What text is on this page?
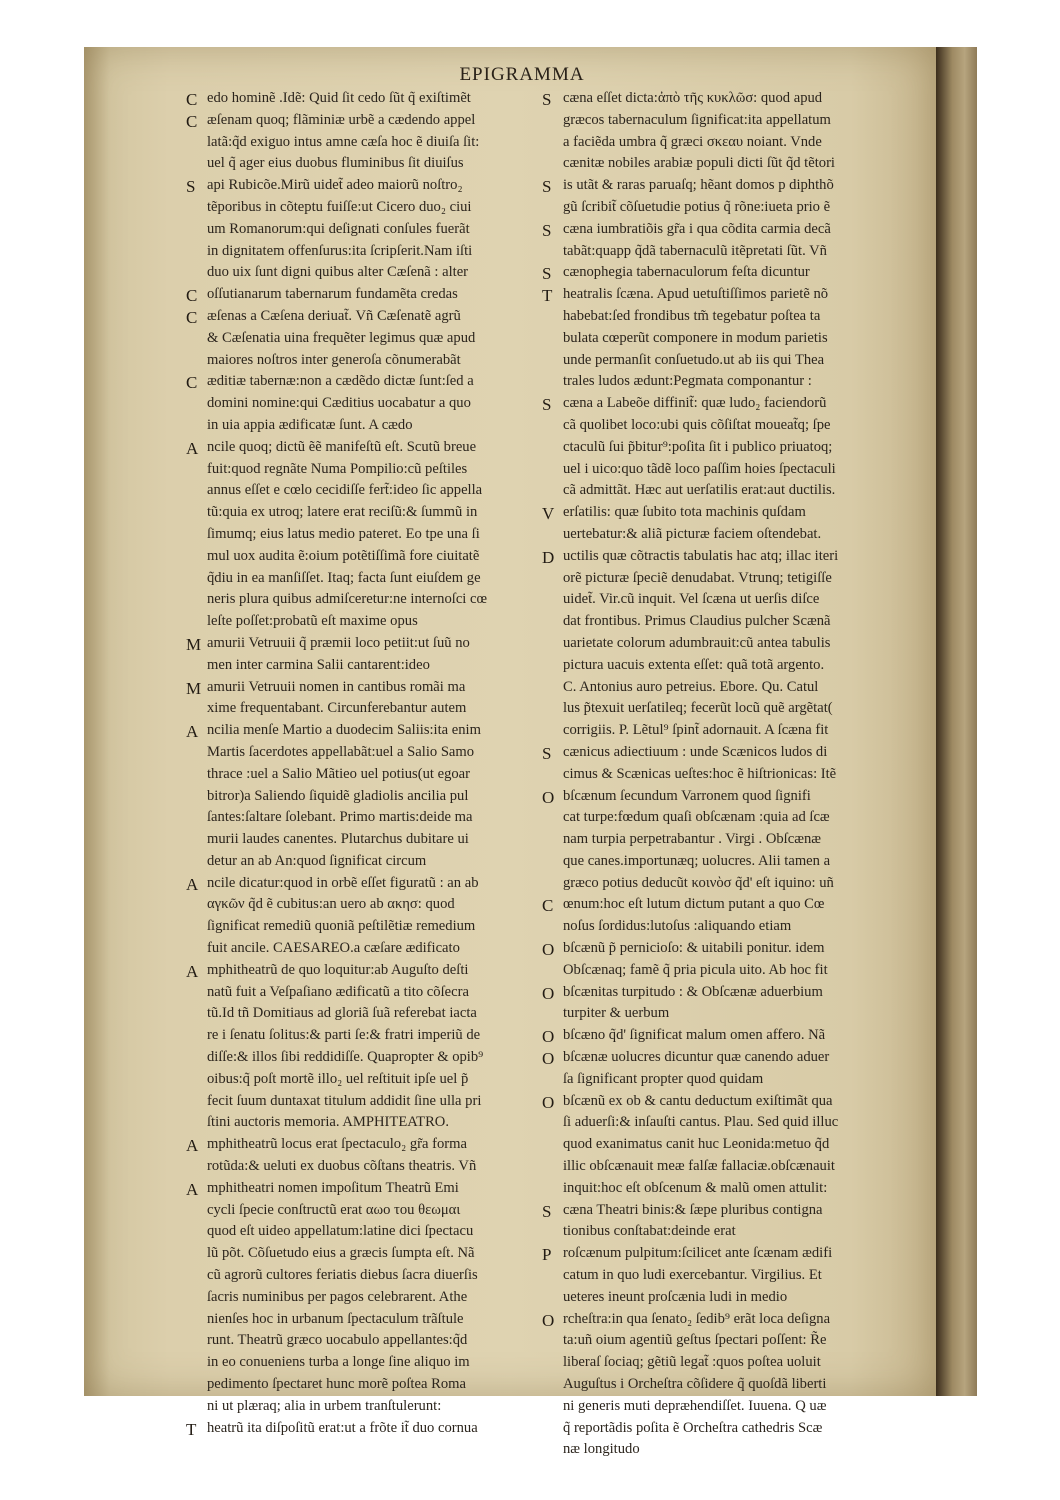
EPIGRAMMA
C edo hominẽ .Idẽ: Quid ſit cedo ſũt q̃ exiſtimẽt
C æſenam quoq; flãminiæ urbẽ a cædendo appel
latã:q̃d exiguo intus amne cæſa hoc ẽ diuiſa ſit:
uel q̃ ager eius duobus fluminibus ſit diuiſus
S api Rubicõe.Mirũ uidet̃ adeo maiorũ noſtro₂
tẽporibus in cõteptu fuiſſe:ut Cicero duo₂ ciui
um Romanorum:qui deſignati conſules fuerãt
in dignitatem offenſurus:ita ſcripſerit.Nam iſti
duo uix ſunt digni quibus alter Cæſenã : alter
C oſſutianarum tabernarum fundamẽta credas
C æſenas a Cæſena deriuat̃. Vñ Cæſenatẽ agrũ
& Cæſenatia uina frequẽter legimus quæ apud
maiores noſtros inter generoſa cõnumerabãt
C æditiæ tabernæ:non a cædẽdo dictæ ſunt:ſed a
domini nomine:qui Cæditius uocabatur a quo
in uia appia ædificatæ ſunt. A cædo
A ncile quoq; dictũ ẽẽ manifeſtũ eſt. Scutũ breue
fuit:quod regnãte Numa Pompilio:cũ peſtiles
annus eſſet e cœlo cecidiſſe fert̃:ideo ſic appella
tũ:quia ex utroq; latere erat reciſũ:& ſummũ in
ſimumq; eius latus medio pateret. Eo tpe una ſi
mul uox audita ẽ:oium potẽtiſſimã fore ciuitatẽ
q̃diu in ea manſiſſet. Itaq; facta ſunt eiuſdem ge
neris plura quibus admiſceretur:ne internoſci cœ
leſte poſſet:probatũ eſt maxime opus
M amurii Vetruuii q̃ præmii loco petiit:ut ſuũ no
men inter carmina Salii cantarent:ideo
M amurii Vetruuii nomen in cantibus romãi ma
xime frequentabant. Circunferebantur autem
A ncilia menſe Martio a duodecim Saliis:ita enim
Martis ſacerdotes appellabãt:uel a Salio Samo
thrace :uel a Salio Mãtieo uel potius(ut egoar
bitror)a Saliendo ſiquidẽ gladiolis ancilia pul
ſantes:ſaltare ſolebant. Primo martis:deide ma
murii laudes canentes. Plutarchus dubitare ui
detur an ab An:quod ſignificat circum
A ncile dicatur:quod in orbẽ eſſet figuratũ : an ab
αγκῶν q̃d ẽ cubitus:an uero ab ακησ: quod
ſignificat remediũ quoniã peſtilẽtiæ remedium
fuit ancile. CAESAREO.a cæſare ædificato
A mphitheatrũ de quo loquitur:ab Auguſto deſti
natũ fuit a Veſpaſiano ædificatũ a tito cõſecra
tũ.Id tñ Domitiaus ad gloriã ſuã referebat iacta
re i ſenatu ſolitus:& parti ſe:& fratri imperiũ de
diſſe:& illos ſibi reddidiſſe. Quapropter & opib⁹
oibus:q̃ poſt mortẽ illo₂ uel reſtituit ipſe uel p̃
fecit ſuum duntaxat titulum addidit ſine ulla pri
ſtini auctoris memoria. AMPHITEATRO.
A mphitheatrũ locus erat ſpectaculo₂ gr̃a forma
rotũda:& ueluti ex duobus cõſtans theatris. Vñ
A mphitheatri nomen impoſitum Theatrũ Emi
cycli ſpecie conſtructũ erat αωο τοu θεωμαι
quod eſt uideo appellatum:latine dici ſpectacu
lũ põt. Cõſuetudo eius a græcis ſumpta eſt. Nã
cũ agrorũ cultores feriatis diebus ſacra diuerſis
ſacris numinibus per pagos celebrarent. Athe
nienſes hoc in urbanum ſpectaculum trãſtule
runt. Theatrũ græco uocabulo appellantes:q̃d
in eo conueniens turba a longe ſine aliquo im
pedimento ſpectaret hunc morẽ poſtea Roma
ni ut plæraq; alia in urbem tranſtulerunt:
T heatrũ ita diſpoſitũ erat:ut a frõte it̃ duo cornua
S cæna eſſet dicta:ἀπὸ τῆς κυκλῶσ: quod apud
græcos tabernaculum ſignificat:ita appellatum
a faciẽda umbra q̃ græci σκεαυ noiant. Vnde
cænitæ nobiles arabiæ populi dicti ſũt q̃d tẽtori
S is utãt & raras paruaſq; hẽant domos p diphthõ
gũ ſcribit̃ cõſuetudie potius q̃ rõne:iueta prio ẽ
S cæna iumbratiõis gr̃a i qua cõdita carmia decã
tabãt:quapp q̃dã tabernaculũ itẽpretati ſũt. Vñ
S cænophegia tabernaculorum feſta dicuntur
T heatralis ſcæna. Apud uetuſtiſſimos parietẽ nõ
habebat:ſed frondibus tm̃ tegebatur poſtea ta
bulata cœperũt componere in modum parietis
unde permanſit conſuetudo.ut ab iis qui Thea
trales ludos ædunt:Pegmata componantur :
S cæna a Labeõe diffinit̃: quæ ludo₂ faciendorũ
cã quolibet loco:ubi quis cõſiſtat moueat̃q; ſpe
ctaculũ ſui p̃bitur⁹:poſita ſit i publico priuatoq;
uel i uico:quo tãdẽ loco paſſim hoies ſpectaculi
cã admittãt. Hæc aut uerſatilis erat:aut ductilis.
V erſatilis: quæ ſubito tota machinis quſdam
uertebatur:& aliã picturæ faciem oſtendebat.
D uctilis quæ cõtractis tabulatis hac atq; illac iteri
orẽ picturæ ſpeciẽ denudabat. Vtrunq; tetigiſſe
uidet̃. Vir.cũ inquit. Vel ſcæna ut uerſis diſce
dat frontibus. Primus Claudius pulcher Scænã
uarietate colorum adumbrauit:cũ antea tabulis
pictura uacuis extenta eſſet: quã totã argento.
C. Antonius auro petreius. Ebore. Qu. Catul
lus p̃texuit uerſatileq; fecerũt locũ quẽ argẽtat(
corrigiis. P. Lẽtul⁹ ſpint̃ adornauit. A ſcæna fit
S cænicus adiectiuum : unde Scænicos ludos di
cimus & Scænicas ueſtes:hoc ẽ hiſtrionicas: Itẽ
O bſcænum ſecundum Varronem quod ſignifi
cat turpe:fœdum quaſi obſcænam :quia ad ſcæ
nam turpia perpetrabantur . Virgi . Obſcænæ
que canes.importunæq; uolucres. Alii tamen a
græco potius deducũt κοινὸσ q̃d' eſt iquino: uñ
C œnum:hoc eſt lutum dictum putant a quo Cœ
noſus ſordidus:lutoſus :aliquando etiam
O bſcænũ p̃ pernicioſo: & uitabili ponitur. idem
Obſcænaq; famẽ q̃ pria picula uito. Ab hoc fit
O bſcænitas turpitudo : & Obſcænæ aduerbium
turpiter & uerbum
O bſcæno q̃d' ſignificat malum omen affero. Nã
O bſcænæ uolucres dicuntur quæ canendo aduer
ſa ſignificant propter quod quidam
O bſcænũ ex ob & cantu deductum exiſtimãt qua
ſi aduerſi:& inſauſti cantus. Plau. Sed quid illuc
quod exanimatus canit huc Leonida:metuo q̃d
illic obſcænauit meæ falſæ fallaciæ.obſcænauit
inquit:hoc eſt obſcenum & malũ omen attulit:
S cæna Theatri binis:& ſæpe pluribus contigna
tionibus conſtabat:deinde erat
P roſcænum pulpitum:ſcilicet ante ſcænam ædifi
catum in quo ludi exercebantur. Virgilius. Et
ueteres ineunt proſcænia ludi in medio
O rcheſtra:in qua ſenato₂ ſedib⁹ erãt loca deſigna
ta:uñ oium agentiũ geſtus ſpectari poſſent: R̃e
liberaſ ſociaq; gẽtiũ legat̃ :quos poſtea uoluit
Auguſtus i Orcheſtra cõſidere q̃ quoſdã liberti
ni generis muti depræhendiſſet. Iuuena. Q uæ
q̃ reportãdis poſita ẽ Orcheſtra cathedris Scæ
næ longitudo
